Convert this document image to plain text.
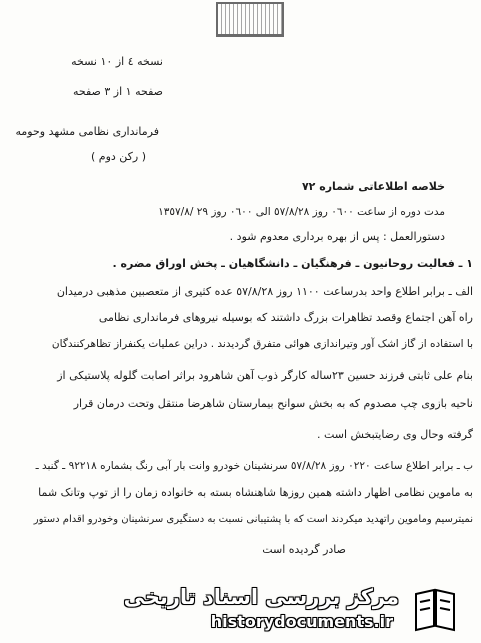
نسخه ٤ از ١٠ نسخه
صفحه ١ از ٣ صفحه
فرمانداری نظامی مشهد وحومه
( رکن دوم )
خلاصه اطلاعاتی شماره ٧٢
مدت دوره از ساعت ٠٦٠٠ روز ٥٧/٨/٢٨ الی ٠٦٠٠ روز ٢٩ /١٣٥٧/٨
دستورالعمل : پس از بهره برداری معدوم شود .
١ ـ فعالیت روحانیون ـ فرهنگیان ـ دانشگاهیان ـ پخش اوراق مضره .
الف ـ برابر اطلاع واحد بدرساعت ١١٠٠ روز ٥٧/٨/٢٨ عده کثیری از متعصبین مذهبی درمیدان
راه آهن اجتماع وقصد تظاهرات بزرگ داشتند که بوسیله نیروهای فرمانداری نظامی
با استفاده از گاز اشک آور وتیراندازی هوائی متفرق گردیدند . دراین عملیات یکنفراز تظاهرکنندگان
بنام علی ثابتی فرزند حسین ٢٣ساله کارگر ذوب آهن شاهرود براثر اصابت گلوله پلاستیکی از
ناحیه بازوی چپ مصدوم که به بخش سوانح بیمارستان شاهرضا منتقل وتحت درمان قرار
گرفته وحال وی رضایتبخش است .
ب ـ برابر اطلاع ساعت ٠٢٢٠ روز ٥٧/٨/٢٨ سرنشینان خودرو وانت بار آبی رنگ بشماره ٩٢٢١٨ ـ گنبد ـ
به ماموین نظامی اظهار داشته همین روزها شاهنشاه بسته به خانواده زمان را از توپ وتانک شما
نمیترسیم وماموین راتهدید میکردند است که با پشتیبانی نسبت به دستگیری سرنشینان وخودرو اقدام دستور
صادر گردیده است
مرکز بررسی اسناد تاریخی
historydocuments.ir
